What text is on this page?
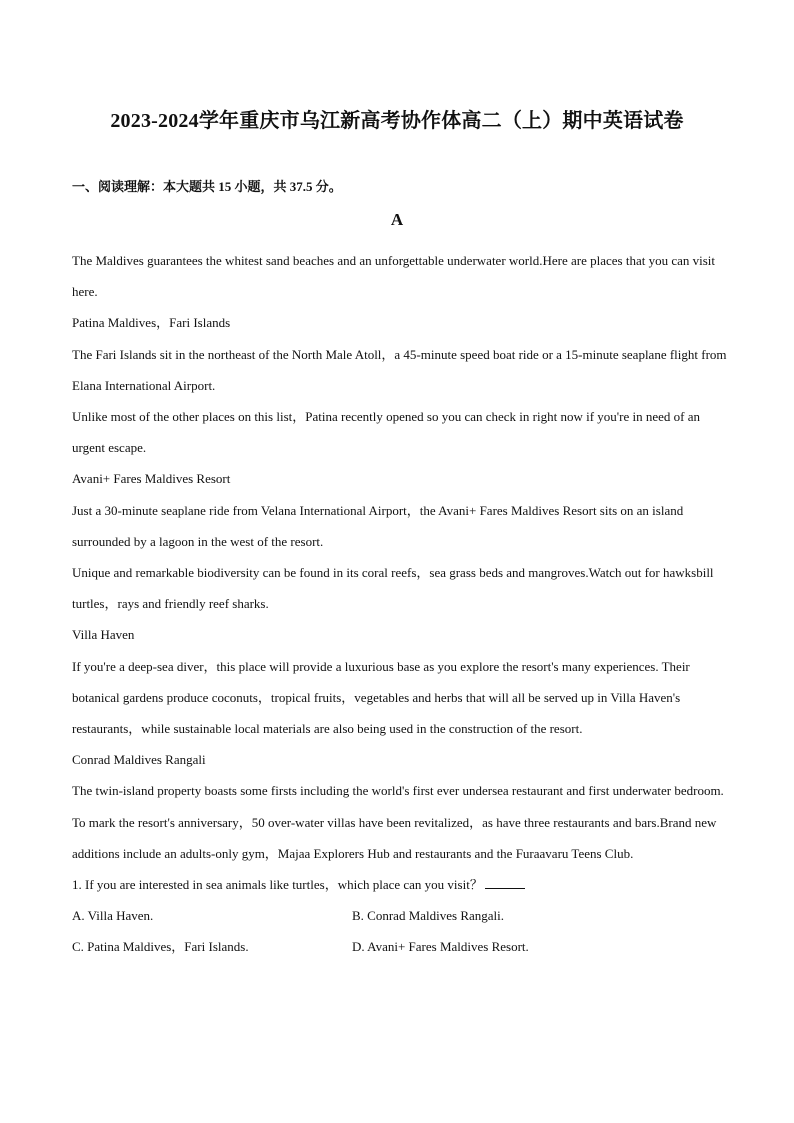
2023-2024学年重庆市乌江新高考协作体高二（上）期中英语试卷
一、阅读理解：本大题共 15 小题，共 37.5 分。
A

The Maldives guarantees the whitest sand beaches and an unforgettable underwater world.Here are places that you can visit here.

Patina Maldives，Fari Islands

The Fari Islands sit in the northeast of the North Male Atoll，a 45-minute speed boat ride or a 15-minute seaplane flight from Elana International Airport.

Unlike most of the other places on this list，Patina recently opened so you can check in right now if you're in need of an urgent escape.

Avani+ Fares Maldives Resort

Just a 30-minute seaplane ride from Velana International Airport，the Avani+ Fares Maldives Resort sits on an island surrounded by a lagoon in the west of the resort.

Unique and remarkable biodiversity can be found in its coral reefs，sea grass beds and mangroves.Watch out for hawksbill turtles，rays and friendly reef sharks.

Villa Haven

If you're a deep-sea diver，this place will provide a luxurious base as you explore the resort's many experiences. Their botanical gardens produce coconuts，tropical fruits，vegetables and herbs that will all be served up in Villa Haven's restaurants，while sustainable local materials are also being used in the construction of the resort.

Conrad Maldives Rangali

The twin-island property boasts some firsts including the world's first ever undersea restaurant and first underwater bedroom.

To mark the resort's anniversary，50 over-water villas have been revitalized，as have three restaurants and bars.Brand new additions include an adults-only gym，Majaa Explorers Hub and restaurants and the Furaavaru Teens Club.

1. If you are interested in sea animals like turtles，which place can you visit？

A. Villa Haven.	B. Conrad Maldives Rangali.
C. Patina Maldives，Fari Islands.	D. Avani+ Fares Maldives Resort.
